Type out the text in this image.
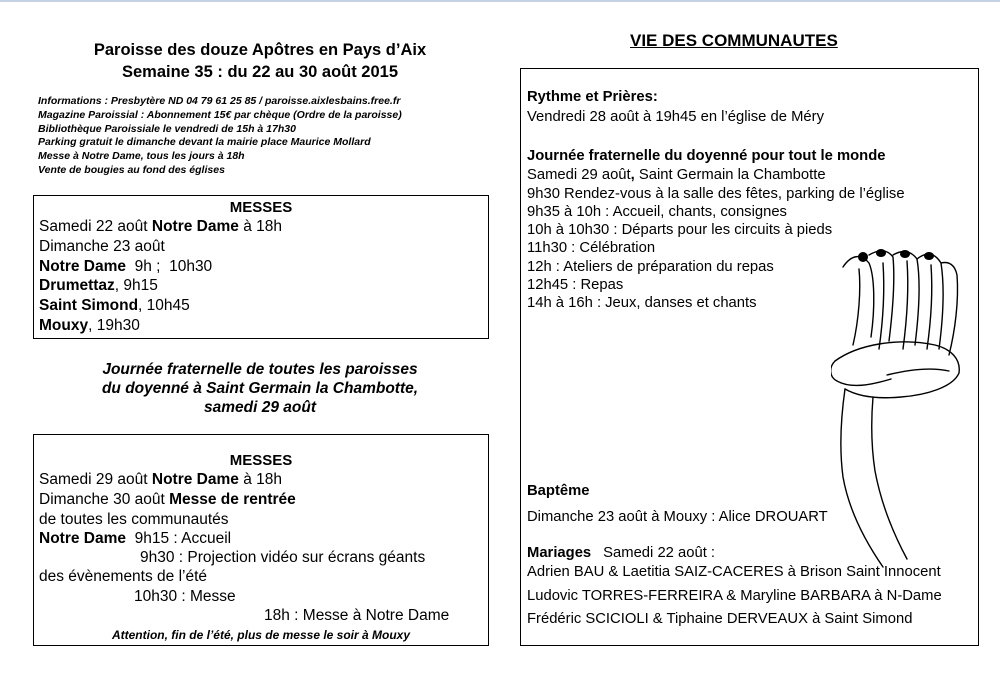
Paroisse des douze Apôtres en Pays d’Aix
Semaine 35 : du 22 au 30 août 2015
Informations : Presbytère ND 04 79 61 25 85 / paroisse.aixlesbains.free.fr
Magazine Paroissial : Abonnement 15€ par chèque (Ordre de la paroisse)
Bibliothèque Paroissiale le vendredi de 15h à 17h30
Parking gratuit le dimanche devant la mairie place Maurice Mollard
Messe à Notre Dame, tous les jours à 18h
Vente de bougies au fond des églises
MESSES
Samedi 22 août Notre Dame à 18h
Dimanche 23 août
Notre Dame  9h ;  10h30
Drumettaz, 9h15
Saint Simond, 10h45
Mouxy, 19h30
Journée fraternelle de toutes les paroisses
du doyenné à Saint Germain la Chambotte,
samedi 29 août
MESSES
Samedi 29 août Notre Dame à 18h
Dimanche 30 août Messe de rentrée
de toutes les communautés
Notre Dame  9h15 : Accueil
9h30 : Projection vidéo sur écrans géants
des évènements de l’été
10h30 : Messe
18h : Messe à Notre Dame
Attention, fin de l’été, plus de messe le soir à Mouxy
VIE DES COMMUNAUTES
Rythme et Prières:
Vendredi 28 août à 19h45 en l’église de Méry
Journée fraternelle du doyenné pour tout le monde
Samedi 29 août, Saint Germain la Chambotte
9h30 Rendez-vous à la salle des fêtes, parking de l’église
9h35 à 10h : Accueil, chants, consignes
10h à 10h30 : Départs pour les circuits à pieds
11h30 : Célébration
12h : Ateliers de préparation du repas
12h45 : Repas
14h à 16h : Jeux, danses et chants
Baptême
Dimanche 23 août à Mouxy : Alice DROUART
Mariages Samedi 22 août :
Adrien BAU & Laetitia SAIZ-CACERES à Brison Saint Innocent
Ludovic TORRES-FERREIRA & Maryline BARBARA à N-Dame
Frédéric SCICIOLI & Tiphaine DERVEAUX à Saint Simond
